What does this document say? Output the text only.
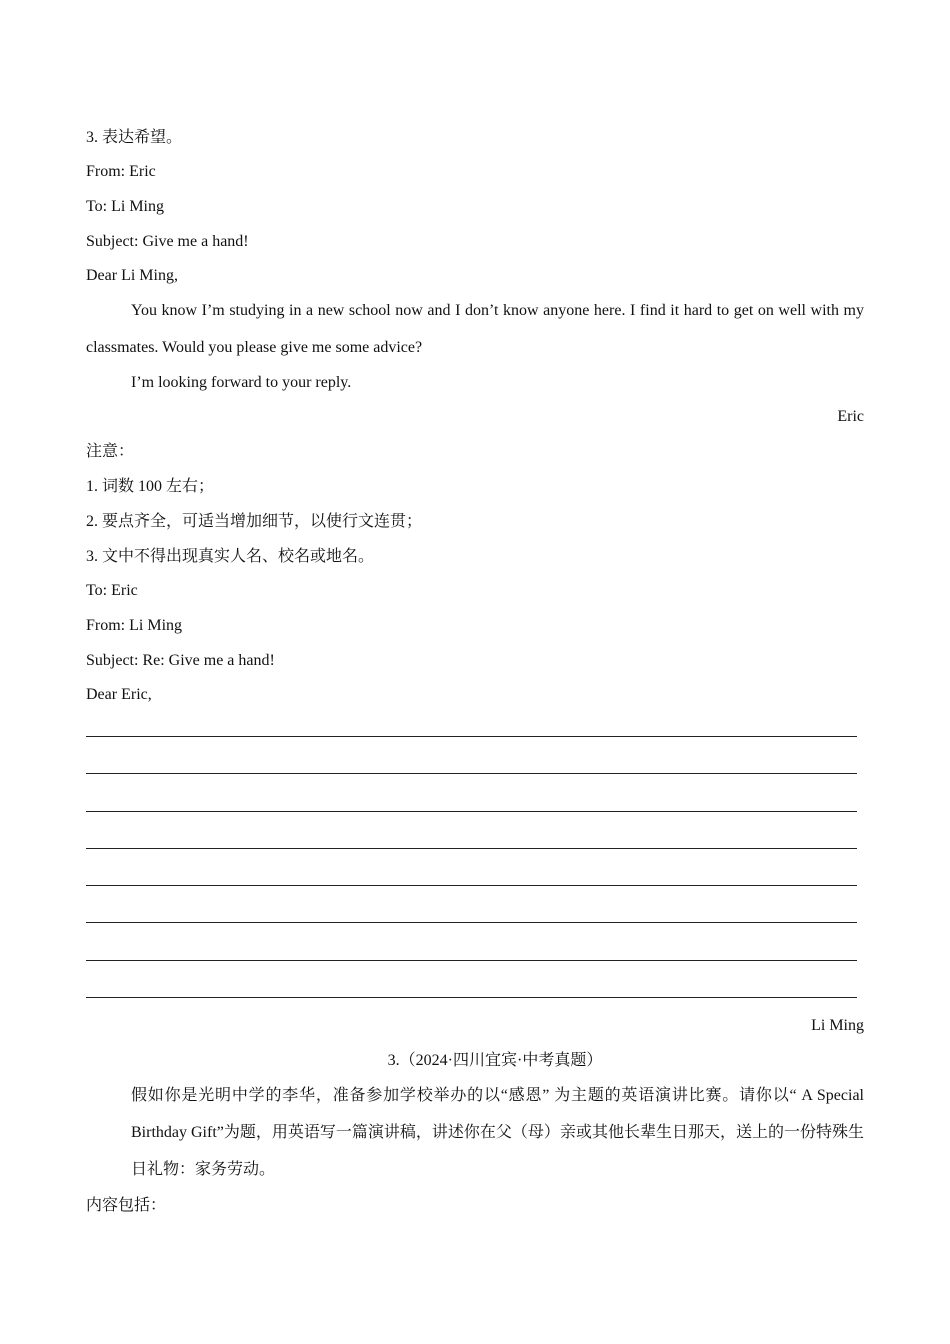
3. 表达希望。
From: Eric
To: Li Ming
Subject: Give me a hand!
Dear Li Ming,
You know I’m studying in a new school now and I don’t know anyone here. I find it hard to get on well with my classmates. Would you please give me some advice?
I’m looking forward to your reply.
Eric
注意：
1. 词数 100 左右；
2. 要点齐全，可适当增加细节，以使行文连贯；
3. 文中不得出现真实人名、校名或地名。
To: Eric
From: Li Ming
Subject: Re: Give me a hand!
Dear Eric,
Li Ming
3.（2024·四川宜宾·中考真题）
假如你是光明中学的李华，准备参加学校举办的以“感恩” 为主题的英语演讲比赛。请你以“ A Special Birthday Gift”为题，用英语写一篇演讲稿，讲述你在父（母）亲或其他长辈生日那天，送上的一份特殊生日礼物：家务劳动。
内容包括：
